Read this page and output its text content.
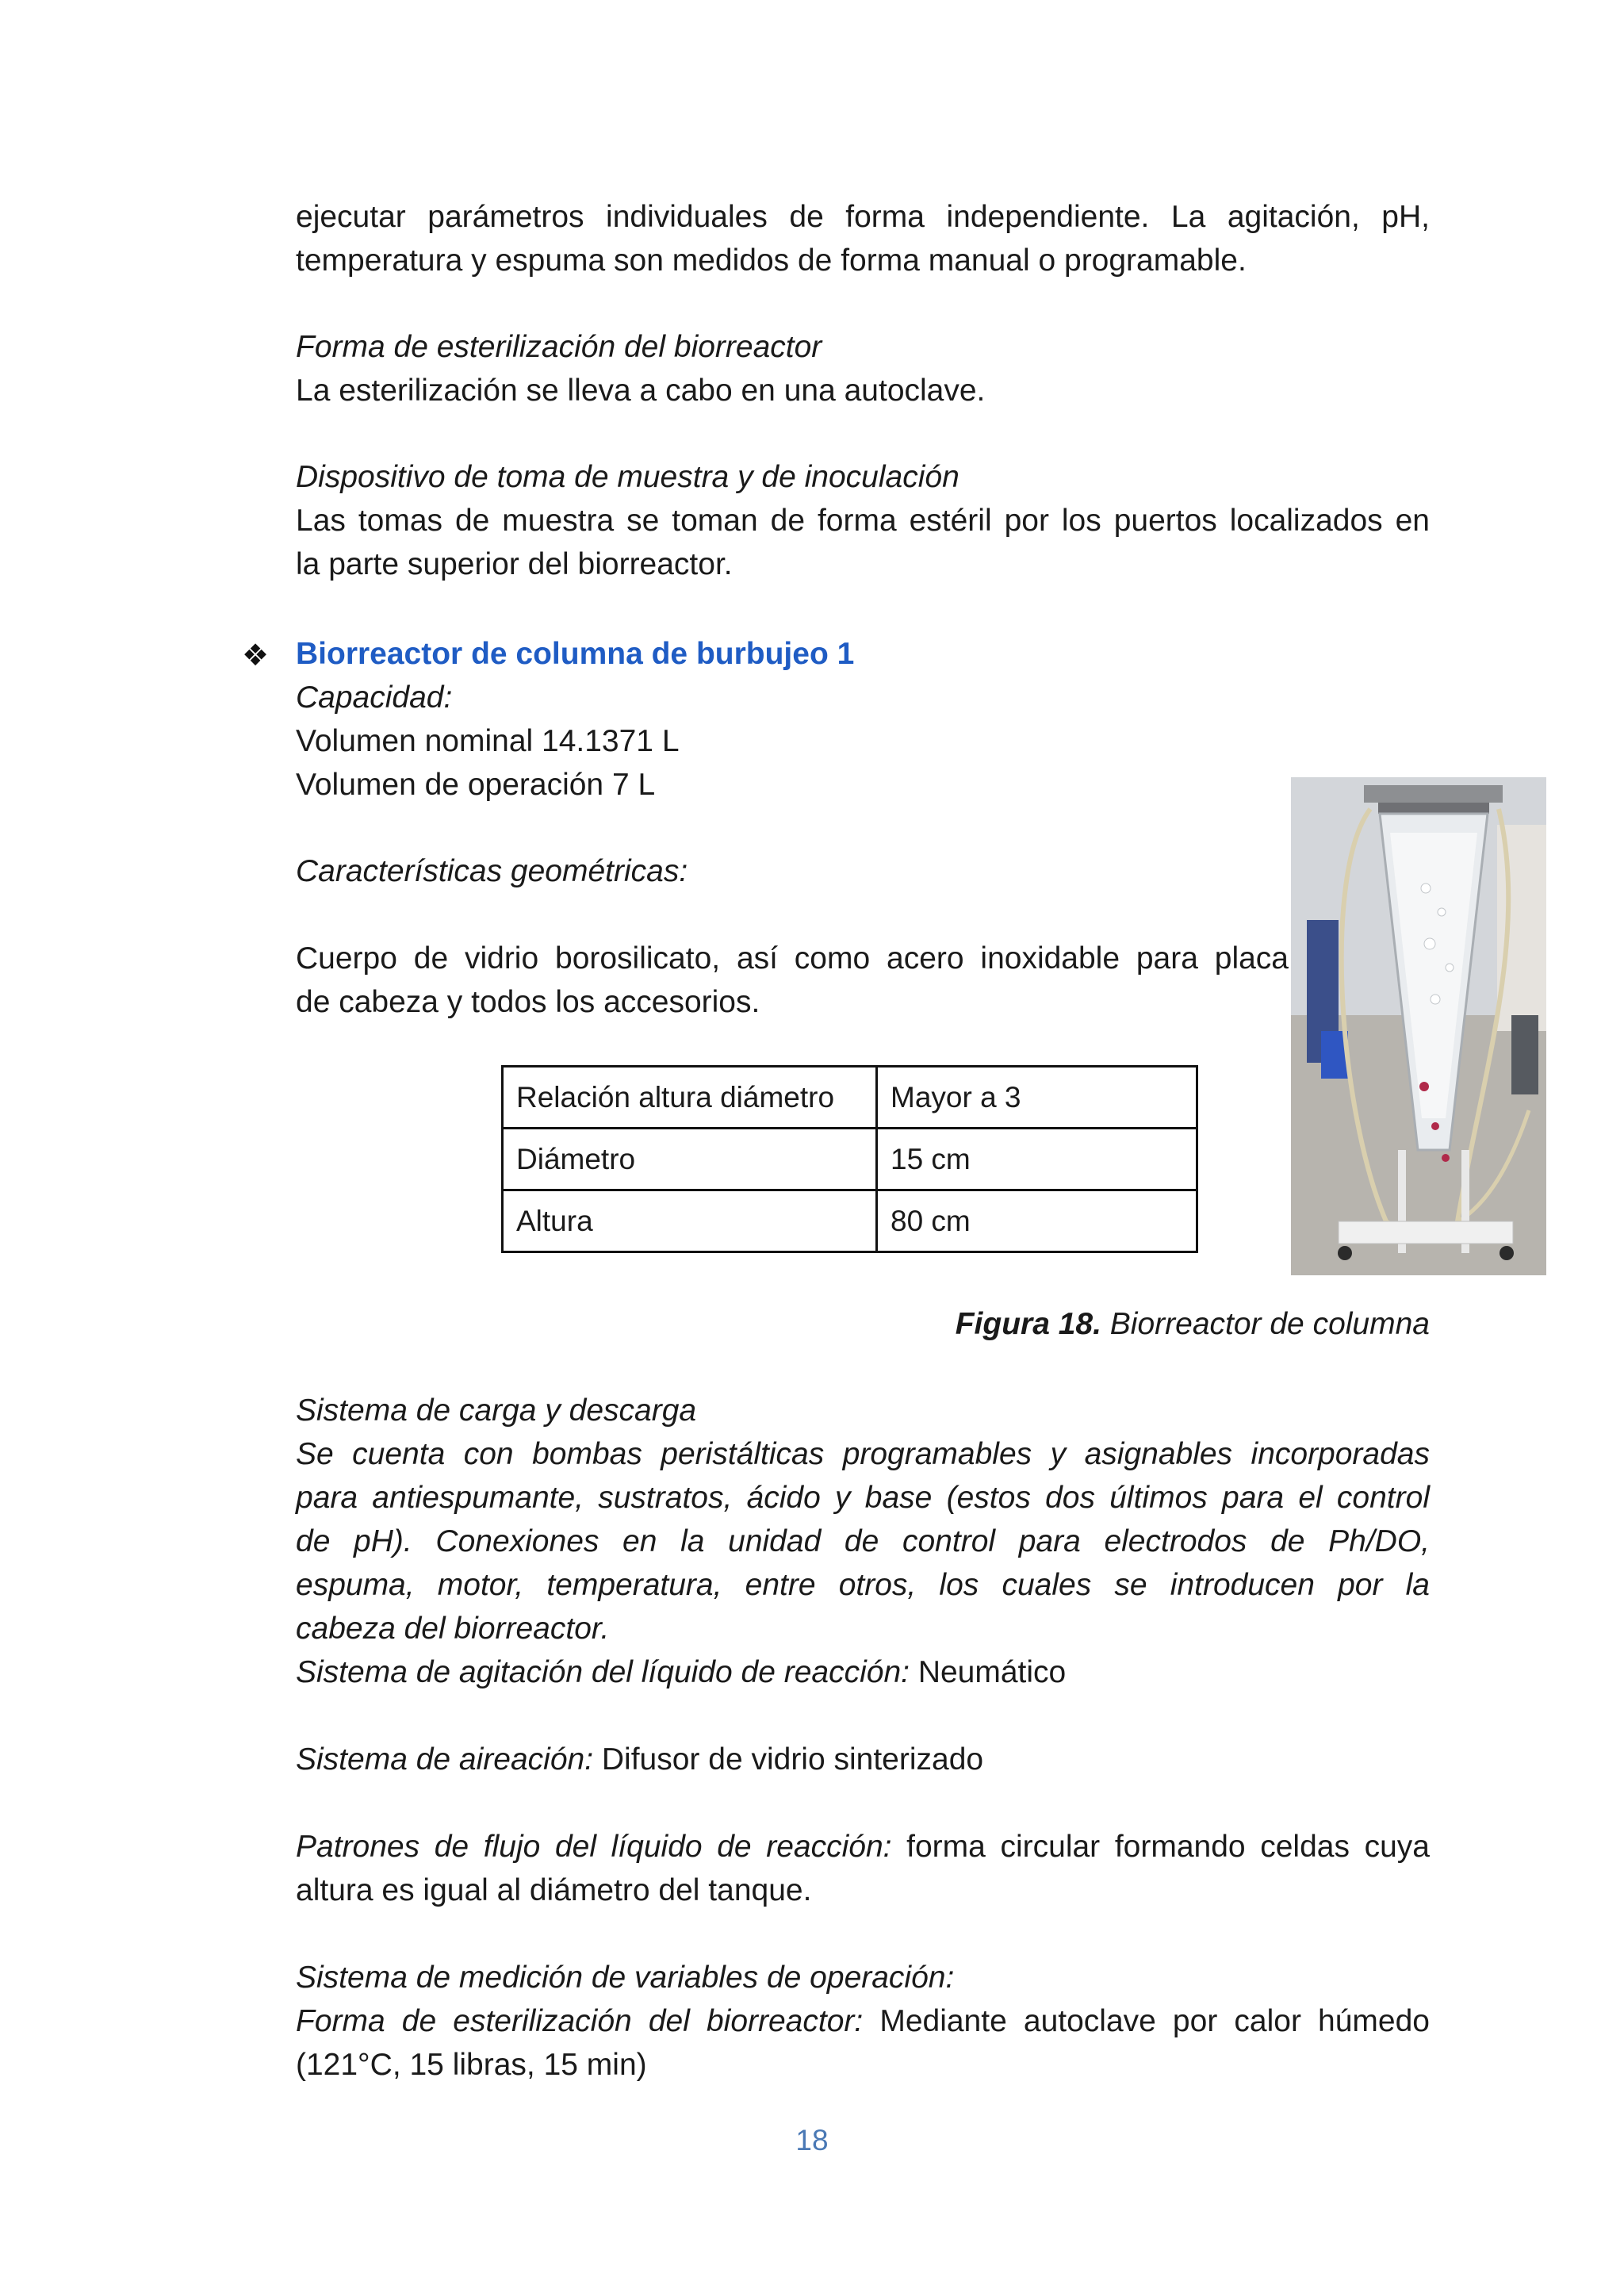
ejecutar parámetros individuales de forma independiente. La agitación, pH,

temperatura y espuma son medidos de forma manual o programable.

Forma de esterilización del biorreactor

La esterilización se lleva a cabo en una autoclave.

Dispositivo de toma de muestra y de inoculación

Las tomas de muestra se toman de forma estéril por los puertos localizados en

la parte superior del biorreactor.

❖ Biorreactor de columna de burbujeo 1

Capacidad:

Volumen nominal 14.1371 L

Volumen de operación 7 L

Características geométricas:

Cuerpo de vidrio borosilicato, así como acero inoxidable para placa

de cabeza y todos los accesorios.

Relación altura diámetro	Mayor a 3
Diámetro	15 cm
Altura	80 cm
Figura 18. Biorreactor de columna

Sistema de carga y descarga

Se cuenta con bombas peristálticas programables y asignables incorporadas

para antiespumante, sustratos, ácido y base (estos dos últimos para el control

de pH). Conexiones en la unidad de control para electrodos de Ph/DO,

espuma, motor, temperatura, entre otros, los cuales se introducen por la

cabeza del biorreactor.

Sistema de agitación del líquido de reacción: Neumático

Sistema de aireación: Difusor de vidrio sinterizado

Patrones de flujo del líquido de reacción: forma circular formando celdas cuya

altura es igual al diámetro del tanque.

Sistema de medición de variables de operación:

Forma de esterilización del biorreactor: Mediante autoclave por calor húmedo

(121°C, 15 libras, 15 min)

18
